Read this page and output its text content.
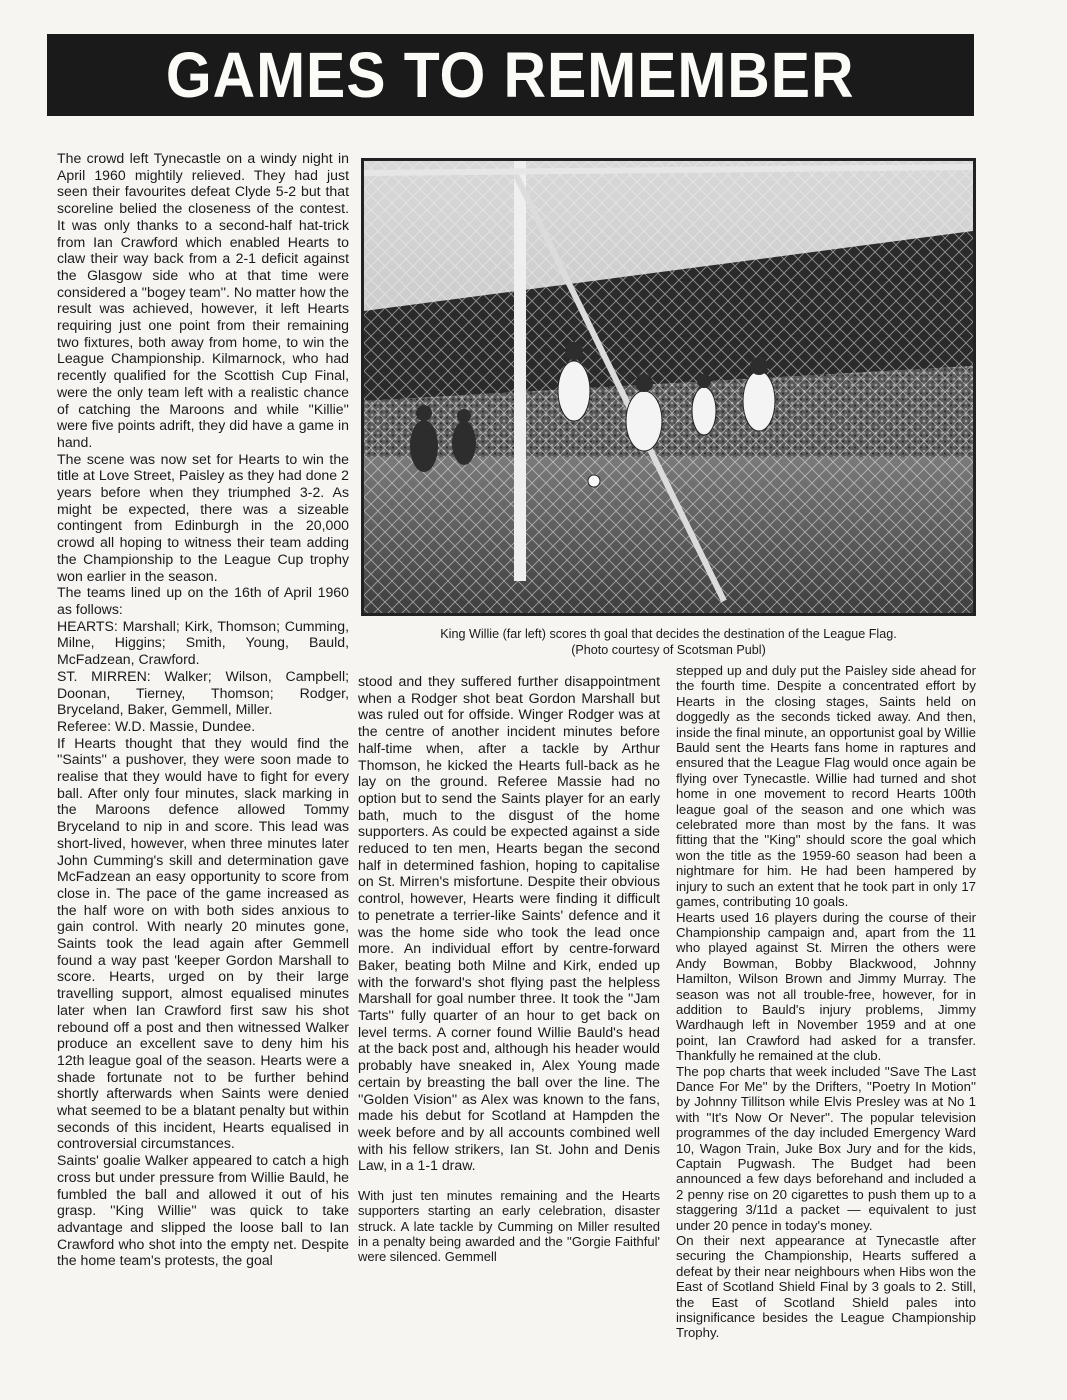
GAMES TO REMEMBER

The crowd left Tynecastle on a windy night in April 1960 mightily relieved. They had just seen their favourites defeat Clyde 5-2 but that scoreline belied the closeness of the contest. It was only thanks to a second-half hat-trick from Ian Crawford which enabled Hearts to claw their way back from a 2-1 deficit against the Glasgow side who at that time were considered a ''bogey team''. No matter how the result was achieved, however, it left Hearts requiring just one point from their remaining two fixtures, both away from home, to win the League Championship. Kilmarnock, who had recently qualified for the Scottish Cup Final, were the only team left with a realistic chance of catching the Maroons and while ''Killie'' were five points adrift, they did have a game in hand.

The scene was now set for Hearts to win the title at Love Street, Paisley as they had done 2 years before when they triumphed 3-2. As might be expected, there was a sizeable contingent from Edinburgh in the 20,000 crowd all hoping to witness their team adding the Championship to the League Cup trophy won earlier in the season.

The teams lined up on the 16th of April 1960 as follows:

HEARTS: Marshall; Kirk, Thomson; Cumming, Milne, Higgins; Smith, Young, Bauld, McFadzean, Crawford.

ST. MIRREN: Walker; Wilson, Campbell; Doonan, Tierney, Thomson; Rodger, Bryceland, Baker, Gemmell, Miller.

Referee: W.D. Massie, Dundee.

If Hearts thought that they would find the ''Saints'' a pushover, they were soon made to realise that they would have to fight for every ball. After only four minutes, slack marking in the Maroons defence allowed Tommy Bryceland to nip in and score. This lead was short-lived, however, when three minutes later John Cumming's skill and determination gave McFadzean an easy opportunity to score from close in. The pace of the game increased as the half wore on with both sides anxious to gain control. With nearly 20 minutes gone, Saints took the lead again after Gemmell found a way past 'keeper Gordon Marshall to score. Hearts, urged on by their large travelling support, almost equalised minutes later when Ian Crawford first saw his shot rebound off a post and then witnessed Walker produce an excellent save to deny him his 12th league goal of the season. Hearts were a shade fortunate not to be further behind shortly afterwards when Saints were denied what seemed to be a blatant penalty but within seconds of this incident, Hearts equalised in controversial circumstances.

Saints' goalie Walker appeared to catch a high cross but under pressure from Willie Bauld, he fumbled the ball and allowed it out of his grasp. ''King Willie'' was quick to take advantage and slipped the loose ball to Ian Crawford who shot into the empty net. Despite the home team's protests, the goal

King Willie (far left) scores th goal that decides the destination of the League Flag.

(Photo courtesy of Scotsman Publ)

stood and they suffered further disappointment when a Rodger shot beat Gordon Marshall but was ruled out for offside. Winger Rodger was at the centre of another incident minutes before half-time when, after a tackle by Arthur Thomson, he kicked the Hearts full-back as he lay on the ground. Referee Massie had no option but to send the Saints player for an early bath, much to the disgust of the home supporters. As could be expected against a side reduced to ten men, Hearts began the second half in determined fashion, hoping to capitalise on St. Mirren's misfortune. Despite their obvious control, however, Hearts were finding it difficult to penetrate a terrier-like Saints' defence and it was the home side who took the lead once more. An individual effort by centre-forward Baker, beating both Milne and Kirk, ended up with the forward's shot flying past the helpless Marshall for goal number three. It took the ''Jam Tarts'' fully quarter of an hour to get back on level terms. A corner found Willie Bauld's head at the back post and, although his header would probably have sneaked in, Alex Young made certain by breasting the ball over the line. The ''Golden Vision'' as Alex was known to the fans, made his debut for Scotland at Hampden the week before and by all accounts combined well with his fellow strikers, Ian St. John and Denis Law, in a 1-1 draw.

With just ten minutes remaining and the Hearts supporters starting an early celebration, disaster struck. A late tackle by Cumming on Miller resulted in a penalty being awarded and the ''Gorgie Faithful' were silenced. Gemmell

stepped up and duly put the Paisley side ahead for the fourth time. Despite a concentrated effort by Hearts in the closing stages, Saints held on doggedly as the seconds ticked away. And then, inside the final minute, an opportunist goal by Willie Bauld sent the Hearts fans home in raptures and ensured that the League Flag would once again be flying over Tynecastle. Willie had turned and shot home in one movement to record Hearts 100th league goal of the season and one which was celebrated more than most by the fans. It was fitting that the ''King'' should score the goal which won the title as the 1959-60 season had been a nightmare for him. He had been hampered by injury to such an extent that he took part in only 17 games, contributing 10 goals.

Hearts used 16 players during the course of their Championship campaign and, apart from the 11 who played against St. Mirren the others were Andy Bowman, Bobby Blackwood, Johnny Hamilton, Wilson Brown and Jimmy Murray. The season was not all trouble-free, however, for in addition to Bauld's injury problems, Jimmy Wardhaugh left in November 1959 and at one point, Ian Crawford had asked for a transfer. Thankfully he remained at the club.

The pop charts that week included ''Save The Last Dance For Me'' by the Drifters, ''Poetry In Motion'' by Johnny Tillitson while Elvis Presley was at No 1 with ''It's Now Or Never''. The popular television programmes of the day included Emergency Ward 10, Wagon Train, Juke Box Jury and for the kids, Captain Pugwash. The Budget had been announced a few days beforehand and included a 2 penny rise on 20 cigarettes to push them up to a staggering 3/11d a packet — equivalent to just under 20 pence in today's money.

On their next appearance at Tynecastle after securing the Championship, Hearts suffered a defeat by their near neighbours when Hibs won the East of Scotland Shield Final by 3 goals to 2. Still, the East of Scotland Shield pales into insignificance besides the League Championship Trophy.
